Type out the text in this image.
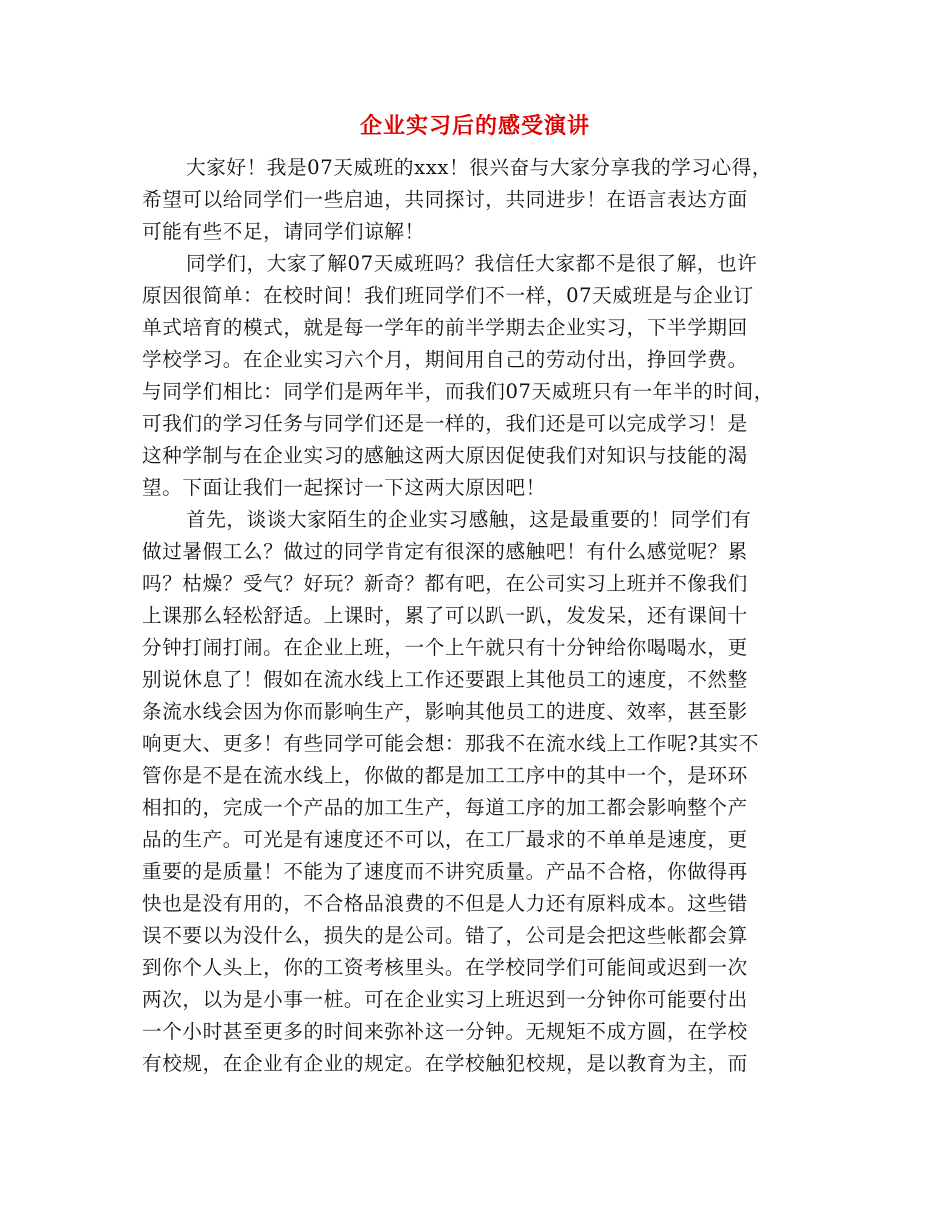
企业实习后的感受演讲
大家好！我是07天威班的xxx！很兴奋与大家分享我的学习心得，
希望可以给同学们一些启迪，共同探讨，共同进步！在语言表达方面
可能有些不足，请同学们谅解！
同学们，大家了解07天威班吗？我信任大家都不是很了解，也许
原因很简单：在校时间！我们班同学们不一样，07天威班是与企业订
单式培育的模式，就是每一学年的前半学期去企业实习，下半学期回
学校学习。在企业实习六个月，期间用自己的劳动付出，挣回学费。
与同学们相比：同学们是两年半，而我们07天威班只有一年半的时间，
可我们的学习任务与同学们还是一样的，我们还是可以完成学习！是
这种学制与在企业实习的感触这两大原因促使我们对知识与技能的渴
望。下面让我们一起探讨一下这两大原因吧！
首先，谈谈大家陌生的企业实习感触，这是最重要的！同学们有
做过暑假工么？做过的同学肯定有很深的感触吧！有什么感觉呢？累
吗？枯燥？受气？好玩？新奇？都有吧，在公司实习上班并不像我们
上课那么轻松舒适。上课时，累了可以趴一趴，发发呆，还有课间十
分钟打闹打闹。在企业上班，一个上午就只有十分钟给你喝喝水，更
别说休息了！假如在流水线上工作还要跟上其他员工的速度，不然整
条流水线会因为你而影响生产，影响其他员工的进度、效率，甚至影
响更大、更多！有些同学可能会想：那我不在流水线上工作呢?其实不
管你是不是在流水线上，你做的都是加工工序中的其中一个，是环环
相扣的，完成一个产品的加工生产，每道工序的加工都会影响整个产
品的生产。可光是有速度还不可以，在工厂最求的不单单是速度，更
重要的是质量！不能为了速度而不讲究质量。产品不合格，你做得再
快也是没有用的，不合格品浪费的不但是人力还有原料成本。这些错
误不要以为没什么，损失的是公司。错了，公司是会把这些帐都会算
到你个人头上，你的工资考核里头。在学校同学们可能间或迟到一次
两次，以为是小事一桩。可在企业实习上班迟到一分钟你可能要付出
一个小时甚至更多的时间来弥补这一分钟。无规矩不成方圆，在学校
有校规，在企业有企业的规定。在学校触犯校规，是以教育为主，而
